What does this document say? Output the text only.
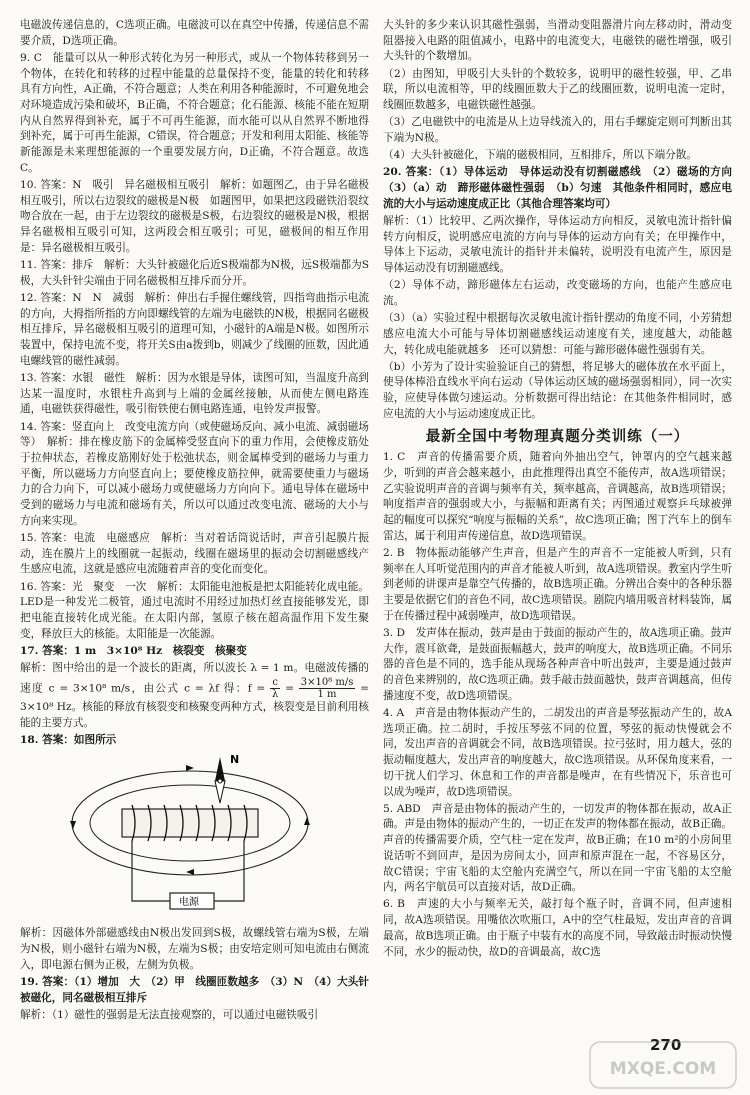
电磁波传递信息的，C选项正确。电磁波可以在真空中传播，传递信息不需要介质，D选项正确。

9. C　能量可以从一种形式转化为另一种形式，或从一个物体转移到另一个物体，在转化和转移的过程中能量的总量保持不变，能量的转化和转移具有方向性，A正确，不符合题意；人类在利用各种能源时，不可避免地会对环境造成污染和破坏，B正确，不符合题意；化石能源、核能不能在短期内从自然界得到补充，属于不可再生能源，而水能可以从自然界不断地得到补充，属于可再生能源，C错误，符合题意；开发和利用太阳能、核能等新能源是未来理想能源的一个重要发展方向，D正确，不符合题意。故选C。

10. 答案：N　吸引　异名磁极相互吸引　解析：如题图乙，由于异名磁极相互吸引，所以右边裂纹的磁极是N极　如题图甲，如果把这段磁铁沿裂纹吻合放在一起，由于左边裂纹的磁极是S极，右边裂纹的磁极是N极，根据异名磁极相互吸引可知，这两段会相互吸引；可见，磁极间的相互作用是：异名磁极相互吸引。

11. 答案：排斥　解析：大头针被磁化后近S极端都为N极，远S极端都为S极，大头针针尖端由于同名磁极相互排斥而分开。

12. 答案：N　N　减弱　解析：伸出右手握住螺线管，四指弯曲指示电流的方向，大拇指所指的方向即螺线管的左端为电磁铁的N极，根据同名磁极相互排斥，异名磁极相互吸引的道理可知，小磁针的A端是N极。如图所示装置中，保持电流不变，将开关S由a拨到b，则减少了线圈的匝数，因此通电螺线管的磁性减弱。

13. 答案：水银　磁性　解析：因为水银是导体，读图可知，当温度升高到达某一温度时，水银柱升高到与上端的金属丝接触，从而使左侧电路连通，电磁铁获得磁性，吸引衔铁使右侧电路连通，电铃发声报警。

14. 答案：竖直向上　改变电流方向（或使磁场反向、减小电流、减弱磁场等）　解析：排在橡皮筋下的金属棒受竖直向下的重力作用，会使橡皮筋处于拉伸状态，若橡皮筋刚好处于松弛状态，则金属棒受到的磁场力与重力平衡，所以磁场力方向竖直向上；要使橡皮筋拉伸，就需要使重力与磁场力的合力向下，可以减小磁场力或使磁场力方向向下。通电导体在磁场中受到的磁场力与电流和磁场有关，所以可以通过改变电流、磁场的大小与方向来实现。

15. 答案：电流　电磁感应　解析：当对着话筒说话时，声音引起膜片振动，连在膜片上的线圈就一起振动，线圈在磁场里的振动会切割磁感线产生感应电流，这就是感应电流随着声音的变化而变化。

16. 答案：光　聚变　一次　解析：太阳能电池板是把太阳能转化成电能。LED是一种发光二极管，通过电流时不用经过加热灯丝直接能够发光，即把电能直接转化成光能。在太阳内部，氢原子核在超高温作用下发生聚变，释放巨大的核能。太阳能是一次能源。

17. 答案：1 m　3×10⁸ Hz　核裂变　核聚变

解析：图中给出的是一个波长的距离，所以波长 λ = 1 m。电磁波传播的速度 c = 3×10⁸ m/s，由公式 c = λf 得：$f = \frac{c}{\lambda} = \frac{\text{3×10⁸ m/s}}{1 m} = 3\times 10^8$ Hz。核能的释放有核裂变和核聚变两种方式，核裂变是目前利用核能的主要方式。

18. 答案：如图所示

N
电源

解析：因磁体外部磁感线由N极出发回到S极，故螺线管右端为S极，左端为N极，则小磁针右端为N极，左端为S极；由安培定则可知电流由右侧流入，即电源右侧为正极，左侧为负极。

19. 答案：（1）增加　大　（2）甲　线圈匝数越多　（3）N　（4）大头针被磁化，同名磁极相互排斥

解析：（1）磁性的强弱是无法直接观察的，可以通过电磁铁吸引

大头针的多少来认识其磁性强弱，当滑动变阻器滑片向左移动时，滑动变阻器接入电路的阻值减小，电路中的电流变大，电磁铁的磁性增强，吸引大头针的个数增加。

（2）由图知，甲吸引大头针的个数较多，说明甲的磁性较强，甲、乙串联，所以电流相等，甲的线圈匝数大于乙的线圈匝数，说明电流一定时，线圈匝数越多，电磁铁磁性越强。

（3）乙电磁铁中的电流是从上边导线流入的，用右手螺旋定则可判断出其下端为N极。

（4）大头针被磁化，下端的磁极相同，互相排斥，所以下端分散。

20. 答案：（1）导体运动　导体运动没有切割磁感线　（2）磁场的方向　（3）（a）动　蹄形磁体磁性强弱　（b）匀速　其他条件相同时，感应电流的大小与运动速度成正比（其他合理答案均可）

解析：（1）比较甲、乙两次操作，导体运动方向相反，灵敏电流计指针偏转方向相反，说明感应电流的方向与导体的运动方向有关；在甲操作中，导体上下运动，灵敏电流计的指针并未偏转，说明没有电流产生，原因是导体运动没有切割磁感线。

（2）导体不动，蹄形磁体左右运动，改变磁场的方向，也能产生感应电流。

（3）（a）实验过程中根据每次灵敏电流计指针摆动的角度不同，小芳猜想感应电流大小可能与导体切割磁感线运动速度有关，速度越大，动能越大，转化成电能就越多　还可以猜想：可能与蹄形磁体磁性强弱有关。

（b）小芳为了设计实验验证自己的猜想，将足够大的磁体放在水平面上，使导体棒沿直线水平向右运动（导体运动区域的磁场强弱相同），同一次实验，应使导体做匀速运动。分析数据可得出结论：在其他条件相同时，感应电流的大小与运动速度成正比。

最新全国中考物理真题分类训练（一）

1. C　声音的传播需要介质，随着向外抽出空气，钟罩内的空气越来越少，听到的声音会越来越小，由此推理得出真空不能传声，故A选项错误；乙实验说明声音的音调与频率有关，频率越高，音调越高，故B选项错误；响度指声音的强弱或大小，与振幅和距离有关；丙图通过观察乒乓球被弹起的幅度可以探究“响度与振幅的关系”，故C选项正确；图丁汽车上的倒车雷达，属于利用声传递信息，故D选项错误。

2. B　物体振动能够产生声音，但是产生的声音不一定能被人听到，只有频率在人耳听觉范围内的声音才能被人听到，故A选项错误。教室内学生听到老师的讲课声是靠空气传播的，故B选项正确。分辨出合奏中的各种乐器主要是依据它们的音色不同，故C选项错误。剧院内墙用吸音材料装饰，属于在传播过程中减弱噪声，故D选项错误。

3. D　发声体在振动，鼓声是由于鼓面的振动产生的，故A选项正确。鼓声大作，震耳欲聋，是鼓面振幅越大，鼓声的响度大，故B选项正确。不同乐器的音色是不同的，选手能从现场各种声音中听出鼓声，主要是通过鼓声的音色来辨别的，故C选项正确。鼓手敲击鼓面越快，鼓声音调越高，但传播速度不变，故D选项错误。

4. A　声音是由物体振动产生的，二胡发出的声音是琴弦振动产生的，故A选项正确。拉二胡时，手按压琴弦不同的位置，琴弦的振动快慢就会不同，发出声音的音调就会不同，故B选项错误。拉弓弦时，用力越大，弦的振动幅度越大，发出声音的响度越大，故C选项错误。从环保角度来看，一切干扰人们学习、休息和工作的声音都是噪声，在有些情况下，乐音也可以成为噪声，故D选项错误。

5. ABD　声音是由物体的振动产生的，一切发声的物体都在振动，故A正确。声是由物体的振动产生的，一切正在发声的物体都在振动，故B正确。声音的传播需要介质，空气柱一定在发声，故B正确；在10 m²的小房间里说话听不到回声，是因为房间太小，回声和原声混在一起，不容易区分，故C错误；宇宙飞船的太空舱内充满空气，所以在同一宇宙飞船的太空舱内，两名宇航员可以直接对话，故D正确。

6. B　声速的大小与频率无关，敲打每个瓶子时，音调不同，但声速相同，故A选项错误。用嘴依次吹瓶口，A中的空气柱最短，发出声音的音调最高，故B选项正确。由于瓶子中装有水的高度不同，导致敲击时振动快慢不同，水少的振动快，故D的音调最高，故C选

270
MXQE.COM
